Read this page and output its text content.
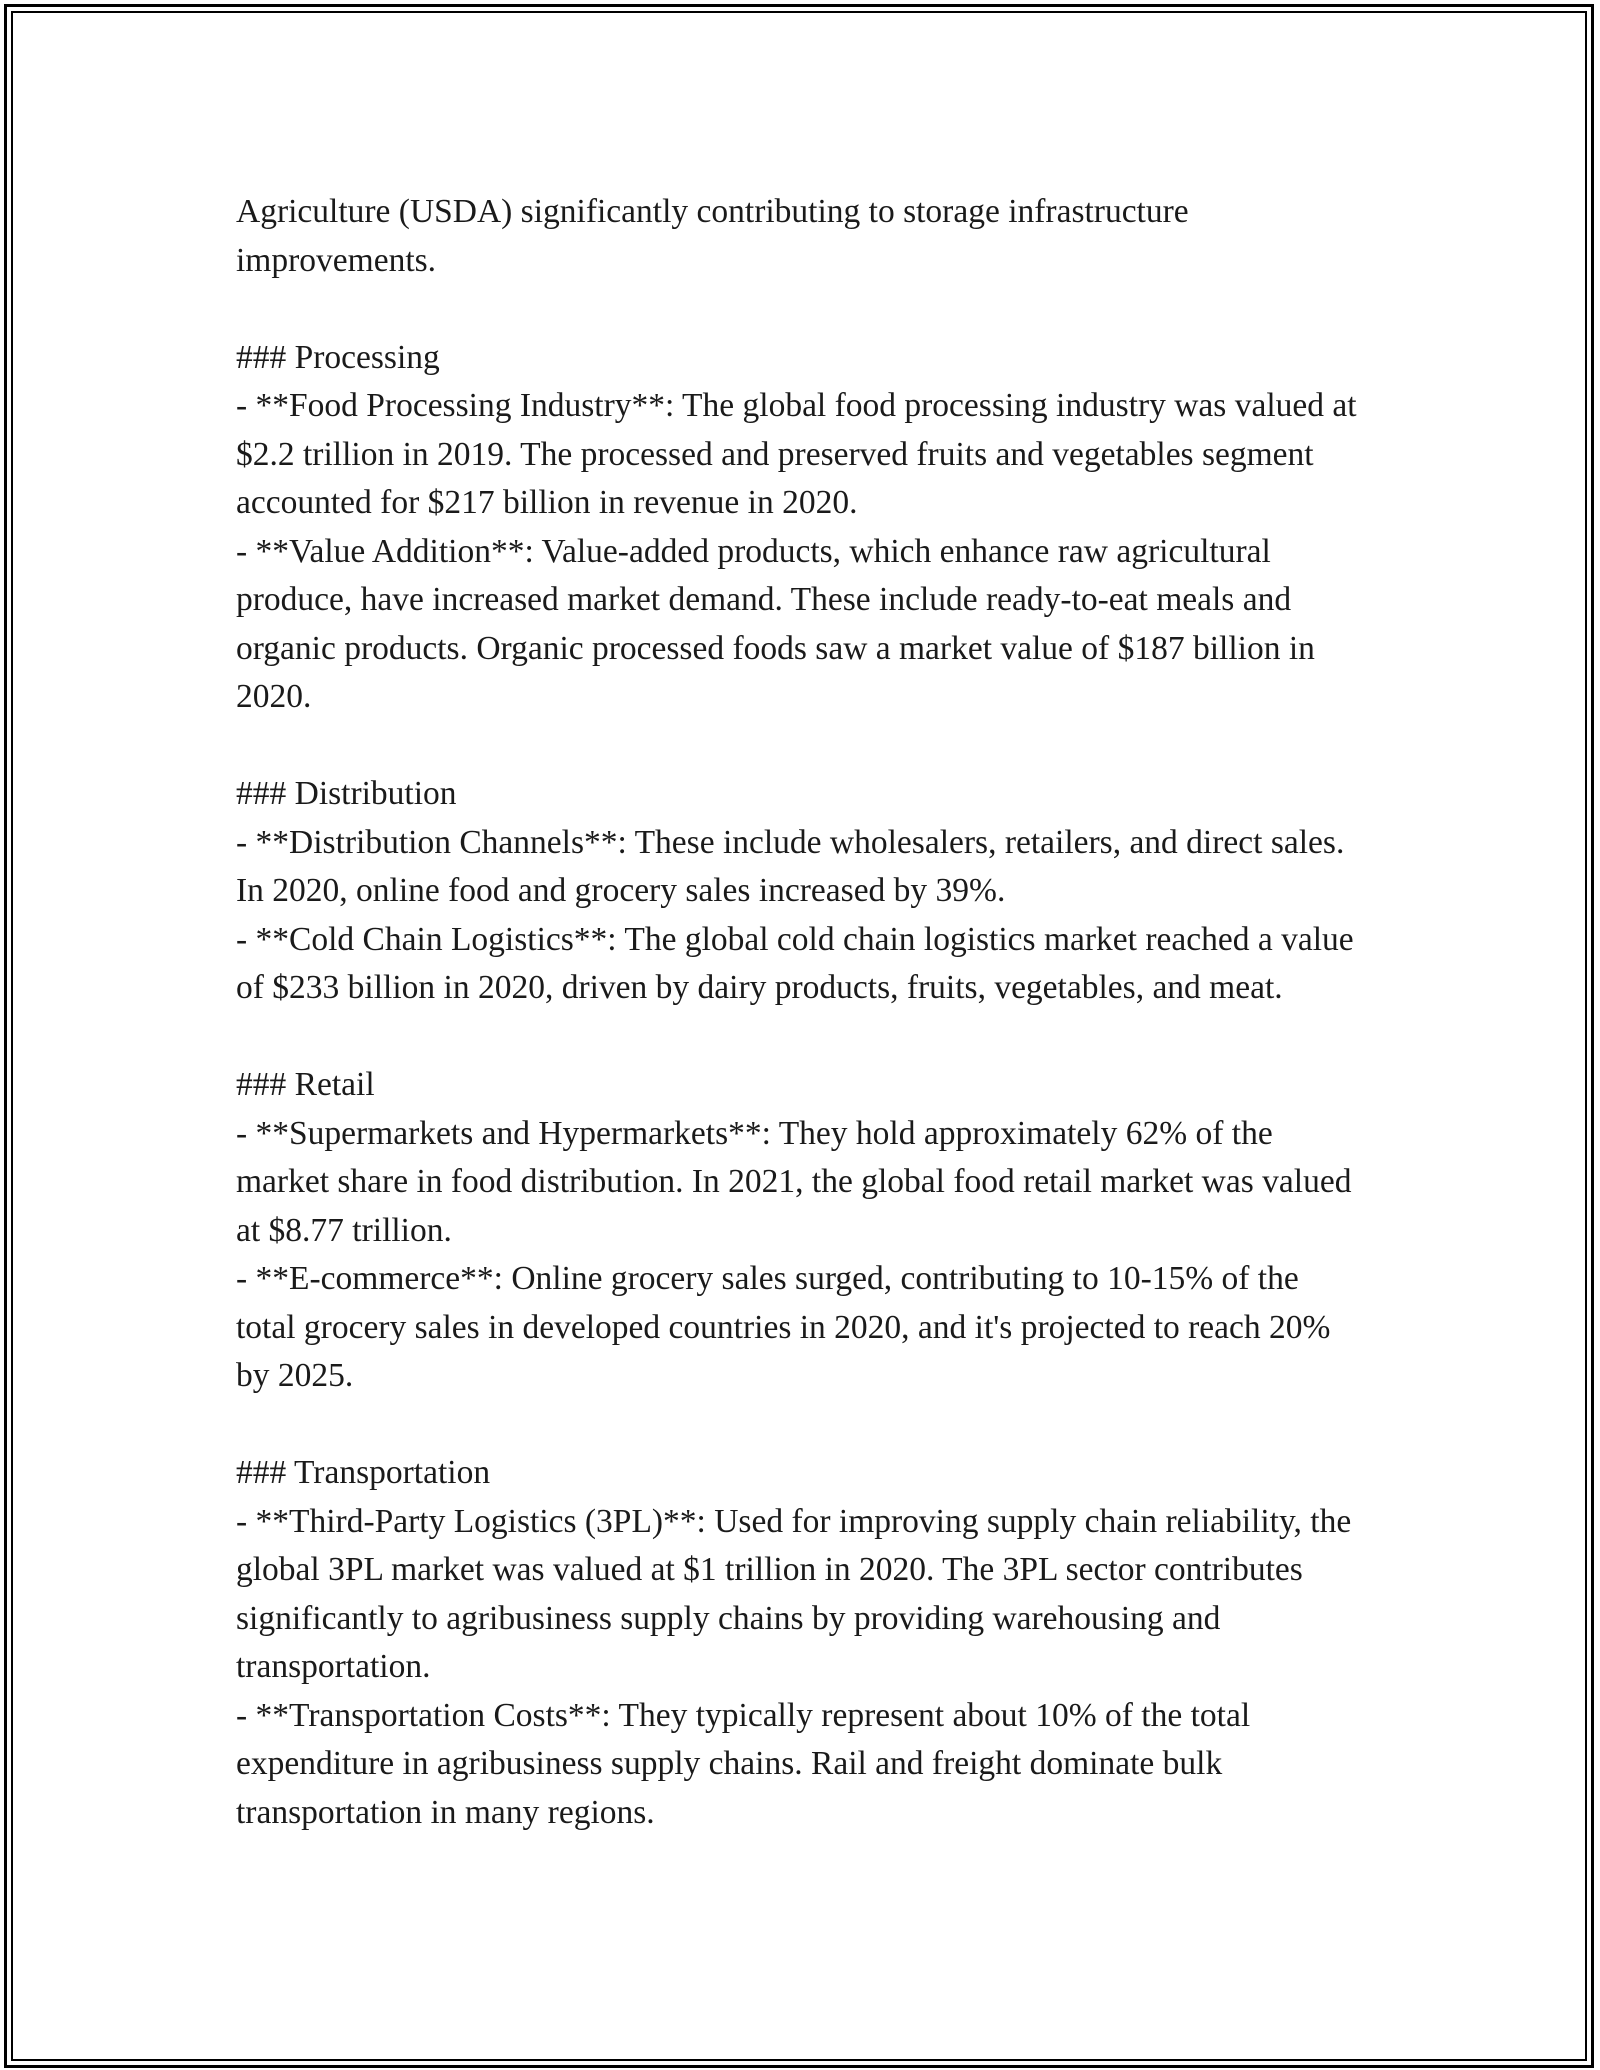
Agriculture (USDA) significantly contributing to storage infrastructure improvements.

### Processing

- **Food Processing Industry**: The global food processing industry was valued at $2.2 trillion in 2019. The processed and preserved fruits and vegetables segment accounted for $217 billion in revenue in 2020.

- **Value Addition**: Value-added products, which enhance raw agricultural produce, have increased market demand. These include ready-to-eat meals and organic products. Organic processed foods saw a market value of $187 billion in 2020.

### Distribution

- **Distribution Channels**: These include wholesalers, retailers, and direct sales. In 2020, online food and grocery sales increased by 39%.

- **Cold Chain Logistics**: The global cold chain logistics market reached a value of $233 billion in 2020, driven by dairy products, fruits, vegetables, and meat.

### Retail

- **Supermarkets and Hypermarkets**: They hold approximately 62% of the market share in food distribution. In 2021, the global food retail market was valued at $8.77 trillion.

- **E-commerce**: Online grocery sales surged, contributing to 10-15% of the total grocery sales in developed countries in 2020, and it's projected to reach 20% by 2025.

### Transportation

- **Third-Party Logistics (3PL)**: Used for improving supply chain reliability, the global 3PL market was valued at $1 trillion in 2020. The 3PL sector contributes significantly to agribusiness supply chains by providing warehousing and transportation.

- **Transportation Costs**: They typically represent about 10% of the total expenditure in agribusiness supply chains. Rail and freight dominate bulk transportation in many regions.
